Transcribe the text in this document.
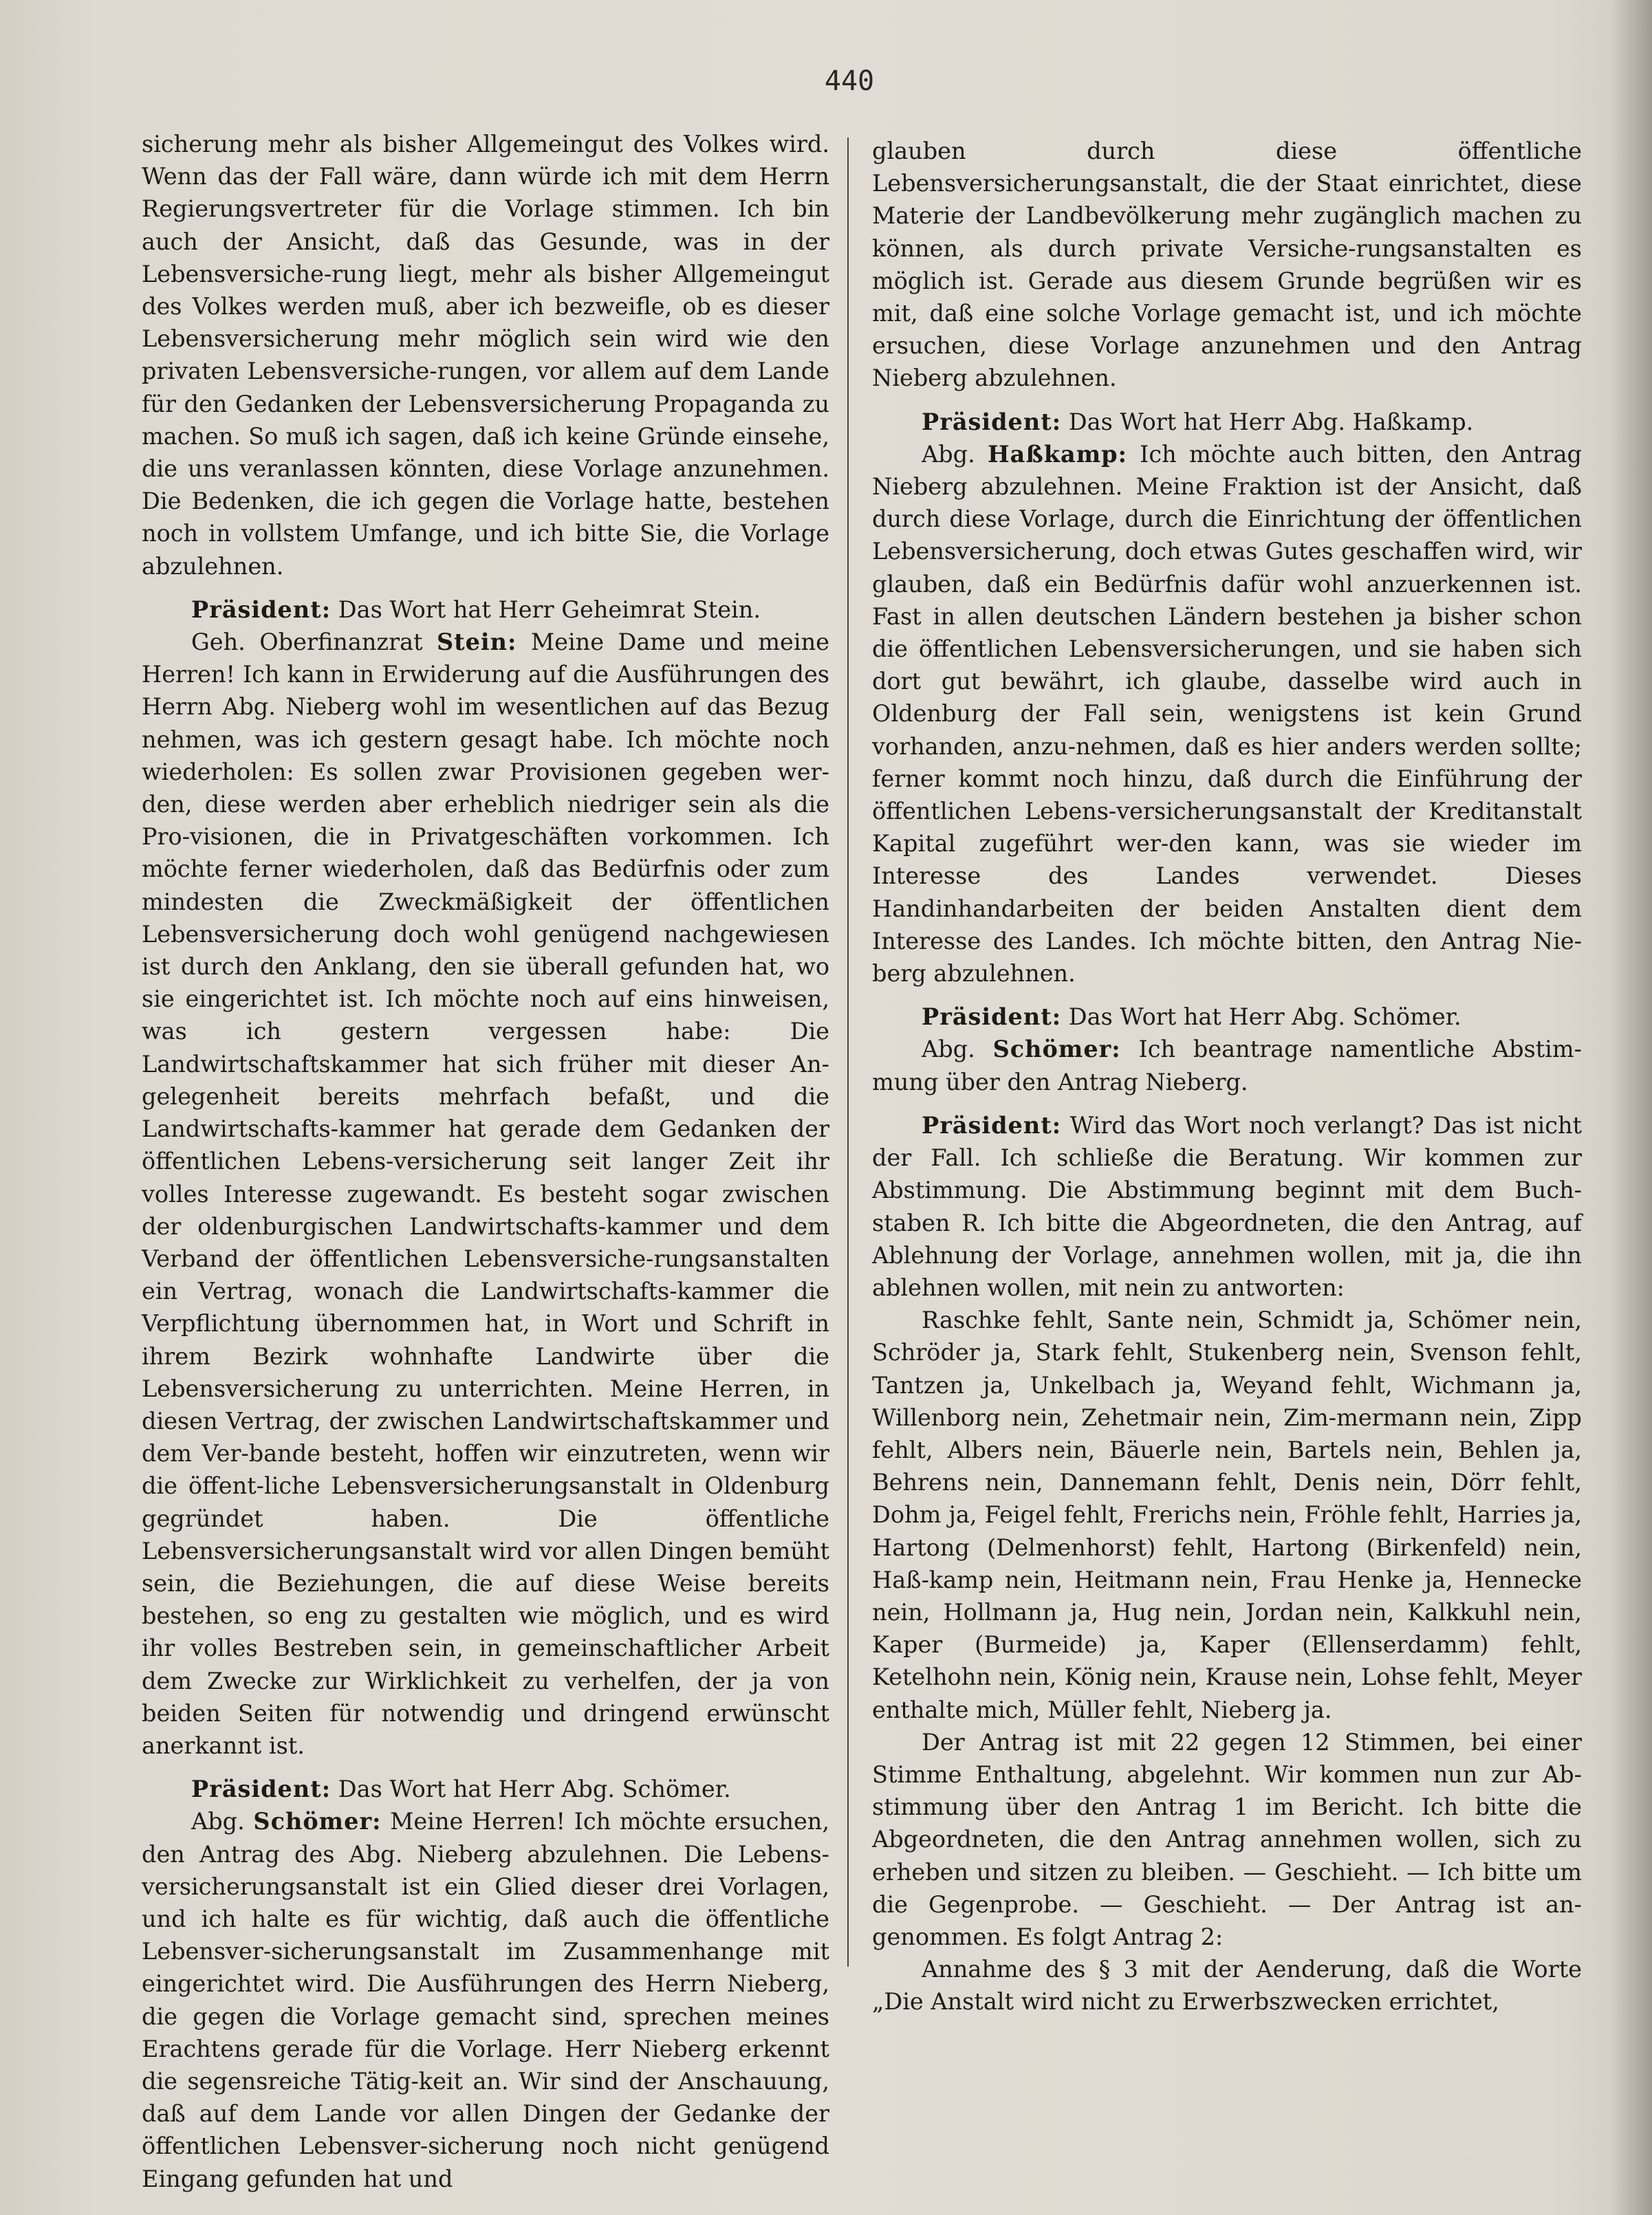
440

sicherung mehr als bisher Allgemeingut des Volkes wird. Wenn das der Fall wäre, dann würde ich mit dem Herrn Regierungsvertreter für die Vorlage stimmen. Ich bin auch der Ansicht, daß das Gesunde, was in der Lebensversiche-rung liegt, mehr als bisher Allgemeingut des Volkes werden muß, aber ich bezweifle, ob es dieser Lebensversicherung mehr möglich sein wird wie den privaten Lebensversiche-rungen, vor allem auf dem Lande für den Gedanken der Lebensversicherung Propaganda zu machen. So muß ich sagen, daß ich keine Gründe einsehe, die uns veranlassen könnten, diese Vorlage anzunehmen. Die Bedenken, die ich gegen die Vorlage hatte, bestehen noch in vollstem Umfange, und ich bitte Sie, die Vorlage abzulehnen.

Präsident: Das Wort hat Herr Geheimrat Stein.

Geh. Oberfinanzrat Stein: Meine Dame und meine Herren! Ich kann in Erwiderung auf die Ausführungen des Herrn Abg. Nieberg wohl im wesentlichen auf das Bezug nehmen, was ich gestern gesagt habe. Ich möchte noch wiederholen: Es sollen zwar Provisionen gegeben wer-den, diese werden aber erheblich niedriger sein als die Pro-visionen, die in Privatgeschäften vorkommen. Ich möchte ferner wiederholen, daß das Bedürfnis oder zum mindesten die Zweckmäßigkeit der öffentlichen Lebensversicherung doch wohl genügend nachgewiesen ist durch den Anklang, den sie überall gefunden hat, wo sie eingerichtet ist. Ich möchte noch auf eins hinweisen, was ich gestern vergessen habe: Die Landwirtschaftskammer hat sich früher mit dieser An-gelegenheit bereits mehrfach befaßt, und die Landwirtschafts-kammer hat gerade dem Gedanken der öffentlichen Lebens-versicherung seit langer Zeit ihr volles Interesse zugewandt. Es besteht sogar zwischen der oldenburgischen Landwirtschafts-kammer und dem Verband der öffentlichen Lebensversiche-rungsanstalten ein Vertrag, wonach die Landwirtschafts-kammer die Verpflichtung übernommen hat, in Wort und Schrift in ihrem Bezirk wohnhafte Landwirte über die Lebensversicherung zu unterrichten. Meine Herren, in diesen Vertrag, der zwischen Landwirtschaftskammer und dem Ver-bande besteht, hoffen wir einzutreten, wenn wir die öffent-liche Lebensversicherungsanstalt in Oldenburg gegründet haben. Die öffentliche Lebensversicherungsanstalt wird vor allen Dingen bemüht sein, die Beziehungen, die auf diese Weise bereits bestehen, so eng zu gestalten wie möglich, und es wird ihr volles Bestreben sein, in gemeinschaftlicher Arbeit dem Zwecke zur Wirklichkeit zu verhelfen, der ja von beiden Seiten für notwendig und dringend erwünscht anerkannt ist.

Präsident: Das Wort hat Herr Abg. Schömer.

Abg. Schömer: Meine Herren! Ich möchte ersuchen, den Antrag des Abg. Nieberg abzulehnen. Die Lebens-versicherungsanstalt ist ein Glied dieser drei Vorlagen, und ich halte es für wichtig, daß auch die öffentliche Lebensver-sicherungsanstalt im Zusammenhange mit eingerichtet wird. Die Ausführungen des Herrn Nieberg, die gegen die Vorlage gemacht sind, sprechen meines Erachtens gerade für die Vorlage. Herr Nieberg erkennt die segensreiche Tätig-keit an. Wir sind der Anschauung, daß auf dem Lande vor allen Dingen der Gedanke der öffentlichen Lebensver-sicherung noch nicht genügend Eingang gefunden hat und

glauben durch diese öffentliche Lebensversicherungsanstalt, die der Staat einrichtet, diese Materie der Landbevölkerung mehr zugänglich machen zu können, als durch private Versiche-rungsanstalten es möglich ist. Gerade aus diesem Grunde begrüßen wir es mit, daß eine solche Vorlage gemacht ist, und ich möchte ersuchen, diese Vorlage anzunehmen und den Antrag Nieberg abzulehnen.

Präsident: Das Wort hat Herr Abg. Haßkamp.

Abg. Haßkamp: Ich möchte auch bitten, den Antrag Nieberg abzulehnen. Meine Fraktion ist der Ansicht, daß durch diese Vorlage, durch die Einrichtung der öffentlichen Lebensversicherung, doch etwas Gutes geschaffen wird, wir glauben, daß ein Bedürfnis dafür wohl anzuerkennen ist. Fast in allen deutschen Ländern bestehen ja bisher schon die öffentlichen Lebensversicherungen, und sie haben sich dort gut bewährt, ich glaube, dasselbe wird auch in Oldenburg der Fall sein, wenigstens ist kein Grund vorhanden, anzu-nehmen, daß es hier anders werden sollte; ferner kommt noch hinzu, daß durch die Einführung der öffentlichen Lebens-versicherungsanstalt der Kreditanstalt Kapital zugeführt wer-den kann, was sie wieder im Interesse des Landes verwendet. Dieses Handinhandarbeiten der beiden Anstalten dient dem Interesse des Landes. Ich möchte bitten, den Antrag Nie-berg abzulehnen.

Präsident: Das Wort hat Herr Abg. Schömer.

Abg. Schömer: Ich beantrage namentliche Abstim-mung über den Antrag Nieberg.

Präsident: Wird das Wort noch verlangt? Das ist nicht der Fall. Ich schließe die Beratung. Wir kommen zur Abstimmung. Die Abstimmung beginnt mit dem Buch-staben R. Ich bitte die Abgeordneten, die den Antrag, auf Ablehnung der Vorlage, annehmen wollen, mit ja, die ihn ablehnen wollen, mit nein zu antworten:

Raschke fehlt, Sante nein, Schmidt ja, Schömer nein, Schröder ja, Stark fehlt, Stukenberg nein, Svenson fehlt, Tantzen ja, Unkelbach ja, Weyand fehlt, Wichmann ja, Willenborg nein, Zehetmair nein, Zim-mermann nein, Zipp fehlt, Albers nein, Bäuerle nein, Bartels nein, Behlen ja, Behrens nein, Dannemann fehlt, Denis nein, Dörr fehlt, Dohm ja, Feigel fehlt, Frerichs nein, Fröhle fehlt, Harries ja, Hartong (Delmenhorst) fehlt, Hartong (Birkenfeld) nein, Haß-kamp nein, Heitmann nein, Frau Henke ja, Hennecke nein, Hollmann ja, Hug nein, Jordan nein, Kalkkuhl nein, Kaper (Burmeide) ja, Kaper (Ellenserdamm) fehlt, Ketelhohn nein, König nein, Krause nein, Lohse fehlt, Meyer enthalte mich, Müller fehlt, Nieberg ja.

Der Antrag ist mit 22 gegen 12 Stimmen, bei einer Stimme Enthaltung, abgelehnt. Wir kommen nun zur Ab-stimmung über den Antrag 1 im Bericht. Ich bitte die Abgeordneten, die den Antrag annehmen wollen, sich zu erheben und sitzen zu bleiben. — Geschieht. — Ich bitte um die Gegenprobe. — Geschieht. — Der Antrag ist an-genommen. Es folgt Antrag 2:

Annahme des § 3 mit der Aenderung, daß die Worte „Die Anstalt wird nicht zu Erwerbszwecken errichtet,
